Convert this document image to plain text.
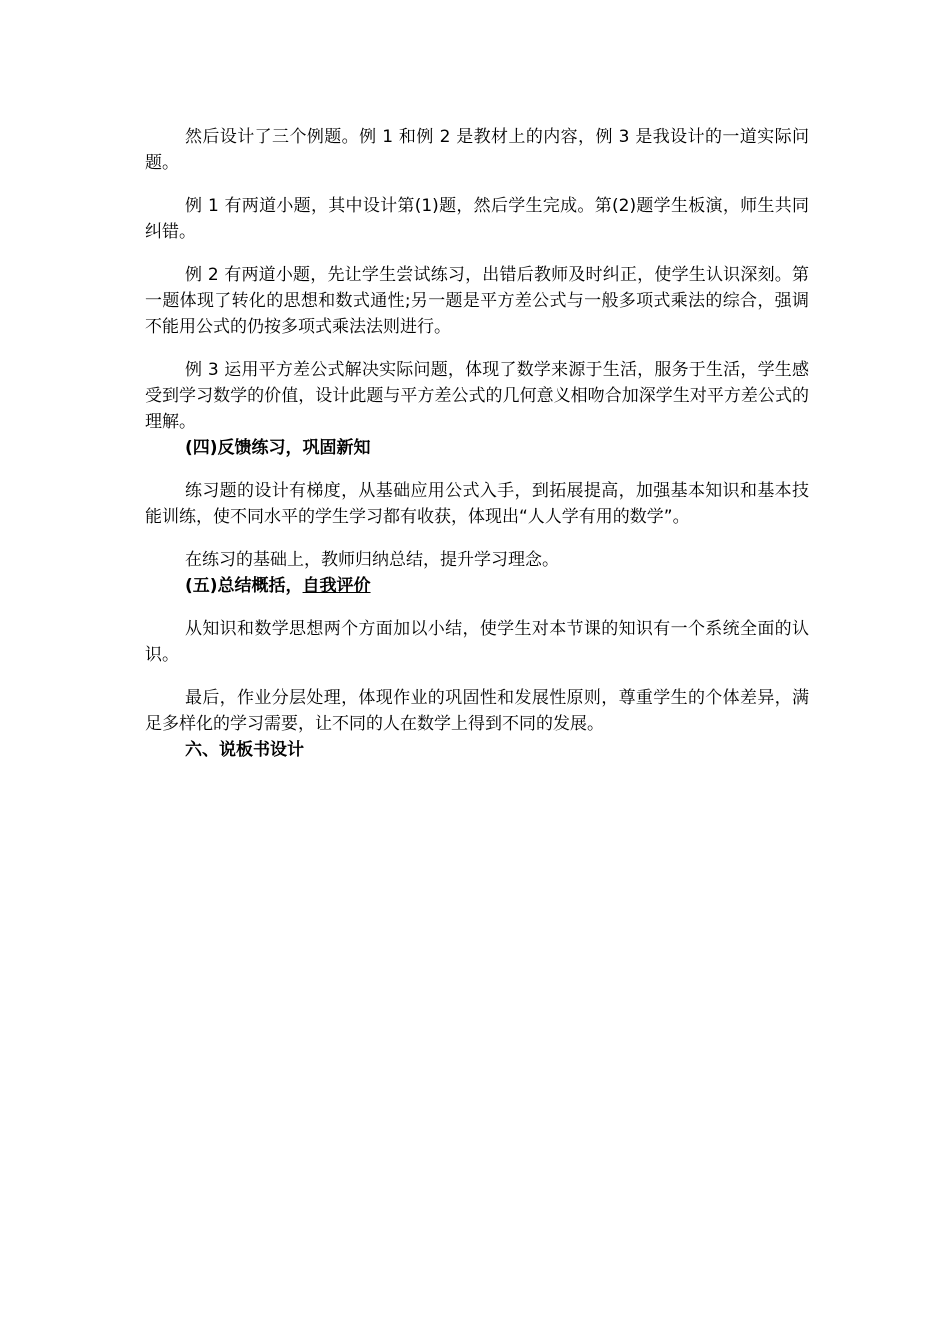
然后设计了三个例题。例 1 和例 2 是教材上的内容，例 3 是我设计的一道实际问题。

例 1 有两道小题，其中设计第(1)题，然后学生完成。第(2)题学生板演，师生共同纠错。

例 2 有两道小题，先让学生尝试练习，出错后教师及时纠正，使学生认识深刻。第一题体现了转化的思想和数式通性;另一题是平方差公式与一般多项式乘法的综合，强调不能用公式的仍按多项式乘法法则进行。

例 3 运用平方差公式解决实际问题，体现了数学来源于生活，服务于生活，学生感受到学习数学的价值，设计此题与平方差公式的几何意义相吻合加深学生对平方差公式的理解。

(四)反馈练习，巩固新知

练习题的设计有梯度，从基础应用公式入手，到拓展提高，加强基本知识和基本技能训练，使不同水平的学生学习都有收获，体现出“人人学有用的数学”。

在练习的基础上，教师归纳总结，提升学习理念。

(五)总结概括，自我评价

从知识和数学思想两个方面加以小结，使学生对本节课的知识有一个系统全面的认识。

最后，作业分层处理，体现作业的巩固性和发展性原则，尊重学生的个体差异，满足多样化的学习需要，让不同的人在数学上得到不同的发展。

六、说板书设计
